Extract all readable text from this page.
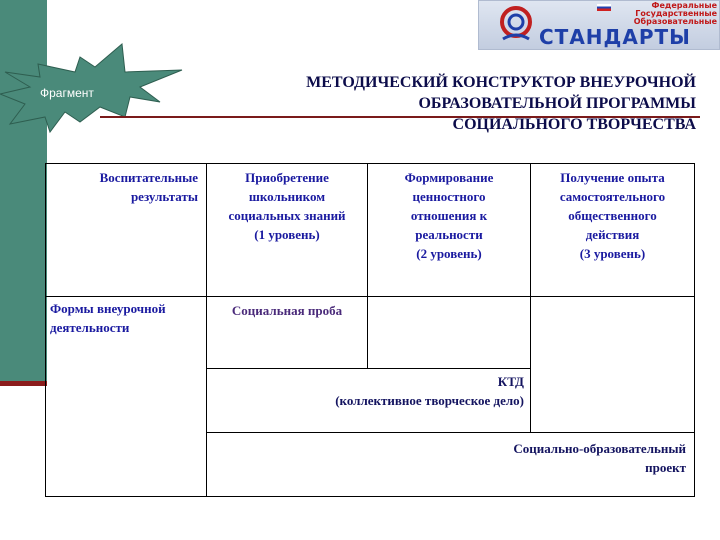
Федеральные
Государственные
Образовательные
СТАНДАРТЫ
Фрагмент
МЕТОДИЧЕСКИЙ КОНСТРУКТОР ВНЕУРОЧНОЙ
ОБРАЗОВАТЕЛЬНОЙ ПРОГРАММЫ
СОЦИАЛЬНОГО ТВОРЧЕСТВА
Воспитательные результаты
Формы внеурочной деятельности
Приобретение
школьником
социальных знаний
(1 уровень)
Формирование
ценностного
отношения к
реальности
(2 уровень)
Получение опыта
самостоятельного
общественного
действия
(3 уровень)
Социальная проба
КТД
(коллективное творческое дело)
Социально-образовательный
проект
